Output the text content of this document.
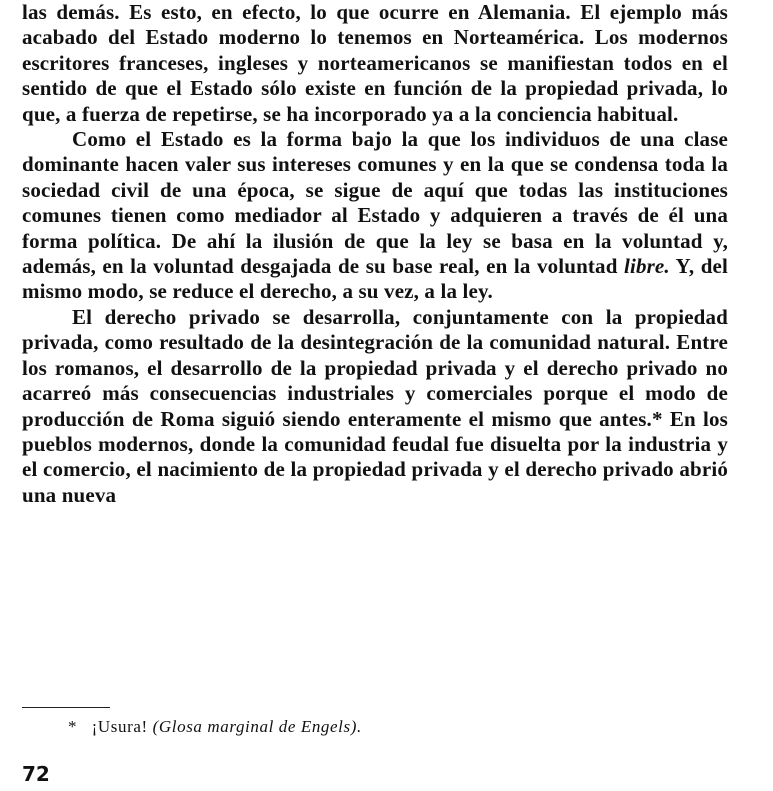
las demás. Es esto, en efecto, lo que ocurre en Alemania. El ejemplo más acabado del Estado moderno lo tenemos en Norteamérica. Los modernos escritores franceses, ingleses y norteamericanos se manifiestan todos en el sentido de que el Estado sólo existe en función de la propiedad privada, lo que, a fuerza de repetirse, se ha incorporado ya a la conciencia habitual.

Como el Estado es la forma bajo la que los individuos de una clase dominante hacen valer sus intereses comunes y en la que se condensa toda la sociedad civil de una época, se sigue de aquí que todas las instituciones comunes tienen como mediador al Estado y adquieren a través de él una forma política. De ahí la ilusión de que la ley se basa en la voluntad y, además, en la voluntad desgajada de su base real, en la voluntad libre. Y, del mismo modo, se reduce el derecho, a su vez, a la ley.

El derecho privado se desarrolla, conjuntamente con la propiedad privada, como resultado de la desintegración de la comunidad natural. Entre los romanos, el desarrollo de la propiedad privada y el derecho privado no acarreó más consecuencias industriales y comerciales porque el modo de producción de Roma siguió siendo enteramente el mismo que antes.* En los pueblos modernos, donde la comunidad feudal fue disuelta por la industria y el comercio, el nacimiento de la propiedad privada y el derecho privado abrió una nueva

* ¡Usura! (Glosa marginal de Engels).
72
